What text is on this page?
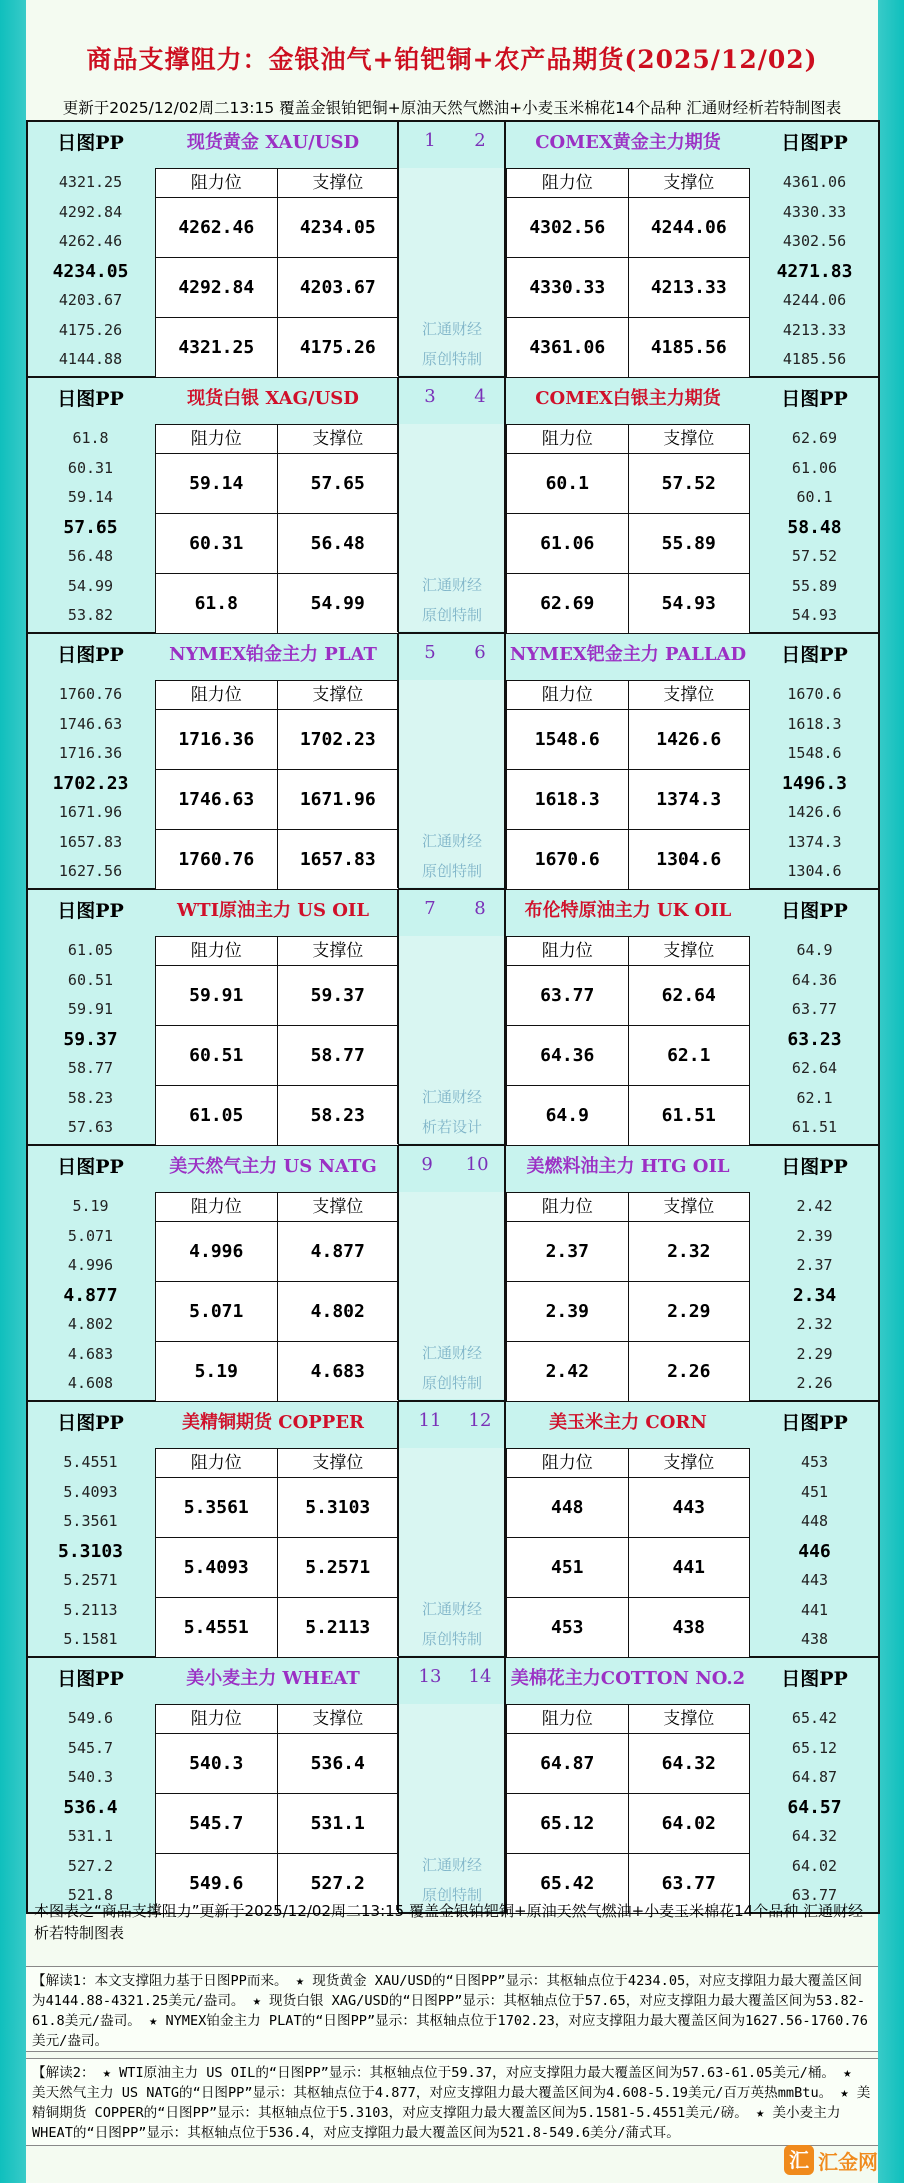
商品支撑阻力：金银油气+铂钯铜+农产品期货(2025/12/02)
更新于2025/12/02周二13:15 覆盖金银铂钯铜+原油天然气燃油+小麦玉米棉花14个品种 汇通财经析若特制图表
日图PP
4321.25
4292.84
4262.46
4234.05
4203.67
4175.26
4144.88
日图PP
4361.06
4330.33
4302.56
4271.83
4244.06
4213.33
4185.56
现货黄金 XAU/USD	COMEX黄金主力期货
1 2
汇通财经
原创特制
阻力位	支撑位
4262.46	4234.05
4292.84	4203.67
4321.25	4175.26
阻力位	支撑位
4302.56	4244.06
4330.33	4213.33
4361.06	4185.56
日图PP
61.8
60.31
59.14
57.65
56.48
54.99
53.82
日图PP
62.69
61.06
60.1
58.48
57.52
55.89
54.93
现货白银 XAG/USD	COMEX白银主力期货
3 4
汇通财经
原创特制
阻力位	支撑位
59.14	57.65
60.31	56.48
61.8	54.99
阻力位	支撑位
60.1	57.52
61.06	55.89
62.69	54.93
日图PP
1760.76
1746.63
1716.36
1702.23
1671.96
1657.83
1627.56
日图PP
1670.6
1618.3
1548.6
1496.3
1426.6
1374.3
1304.6
NYMEX铂金主力 PLAT	NYMEX钯金主力 PALLAD
5 6
汇通财经
原创特制
阻力位	支撑位
1716.36	1702.23
1746.63	1671.96
1760.76	1657.83
阻力位	支撑位
1548.6	1426.6
1618.3	1374.3
1670.6	1304.6
日图PP
61.05
60.51
59.91
59.37
58.77
58.23
57.63
日图PP
64.9
64.36
63.77
63.23
62.64
62.1
61.51
WTI原油主力 US OIL	布伦特原油主力 UK OIL
7 8
汇通财经
析若设计
阻力位	支撑位
59.91	59.37
60.51	58.77
61.05	58.23
阻力位	支撑位
63.77	62.64
64.36	62.1
64.9	61.51
日图PP
5.19
5.071
4.996
4.877
4.802
4.683
4.608
日图PP
2.42
2.39
2.37
2.34
2.32
2.29
2.26
美天然气主力 US NATG	美燃料油主力 HTG OIL
9 10
汇通财经
原创特制
阻力位	支撑位
4.996	4.877
5.071	4.802
5.19	4.683
阻力位	支撑位
2.37	2.32
2.39	2.29
2.42	2.26
日图PP
5.4551
5.4093
5.3561
5.3103
5.2571
5.2113
5.1581
日图PP
453
451
448
446
443
441
438
美精铜期货 COPPER	美玉米主力 CORN
11 12
汇通财经
原创特制
阻力位	支撑位
5.3561	5.3103
5.4093	5.2571
5.4551	5.2113
阻力位	支撑位
448	443
451	441
453	438
日图PP
549.6
545.7
540.3
536.4
531.1
527.2
521.8
日图PP
65.42
65.12
64.87
64.57
64.32
64.02
63.77
美小麦主力 WHEAT	美棉花主力COTTON NO.2
13 14
汇通财经
原创特制
阻力位	支撑位
540.3	536.4
545.7	531.1
549.6	527.2
阻力位	支撑位
64.87	64.32
65.12	64.02
65.42	63.77
本图表之“商品支撑阻力”更新于2025/12/02周二13:15 覆盖金银铂钯铜+原油天然气燃油+小麦玉米棉花14个品种 汇通财经析若特制图表
【解读1：本文支撑阻力基于日图PP而来。 ★ 现货黄金 XAU/USD的“日图PP”显示：其枢轴点位于4234.05，对应支撑阻力最大覆盖区间为4144.88-4321.25美元/盎司。 ★ 现货白银 XAG/USD的“日图PP”显示：其枢轴点位于57.65，对应支撑阻力最大覆盖区间为53.82-61.8美元/盎司。 ★ NYMEX铂金主力 PLAT的“日图PP”显示：其枢轴点位于1702.23，对应支撑阻力最大覆盖区间为1627.56-1760.76美元/盎司。
【解读2： ★ WTI原油主力 US OIL的“日图PP”显示：其枢轴点位于59.37，对应支撑阻力最大覆盖区间为57.63-61.05美元/桶。 ★ 美天然气主力 US NATG的“日图PP”显示：其枢轴点位于4.877，对应支撑阻力最大覆盖区间为4.608-5.19美元/百万英热mmBtu。 ★ 美精铜期货 COPPER的“日图PP”显示：其枢轴点位于5.3103，对应支撑阻力最大覆盖区间为5.1581-5.4551美元/磅。 ★ 美小麦主力 WHEAT的“日图PP”显示：其枢轴点位于536.4，对应支撑阻力最大覆盖区间为521.8-549.6美分/蒲式耳。
汇 汇金网
